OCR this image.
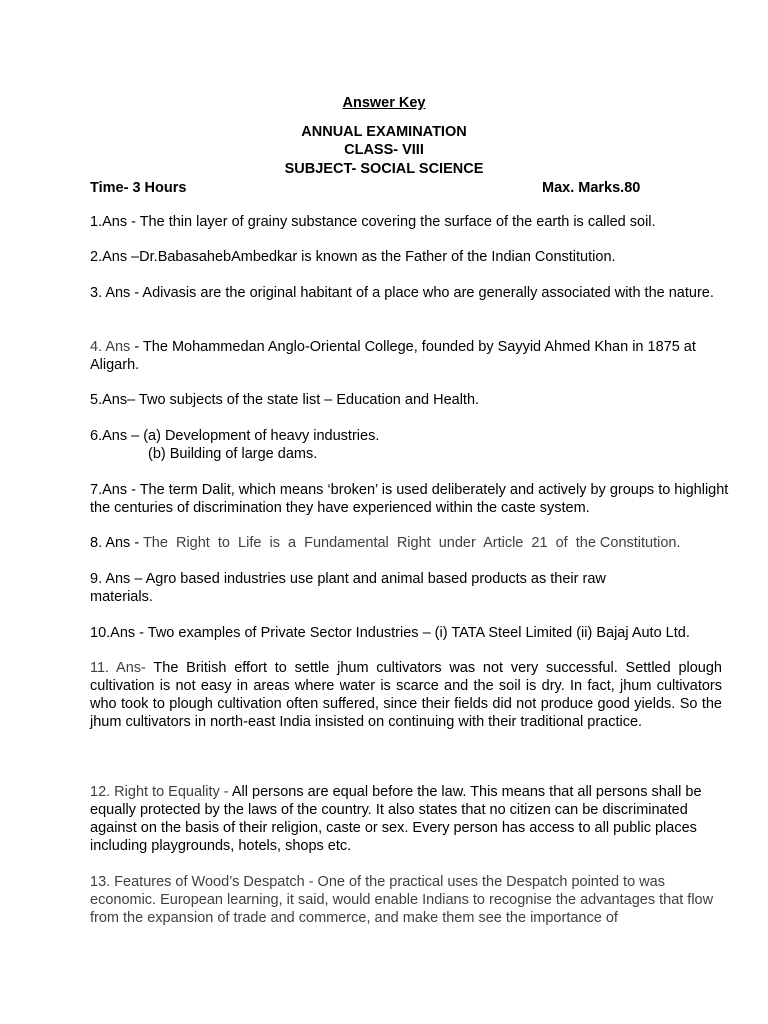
Answer Key
ANNUAL EXAMINATION
CLASS- VIII
SUBJECT- SOCIAL SCIENCE
Time- 3 Hours	Max. Marks.80
1.Ans - The thin layer of grainy substance covering the surface of the earth is called soil.
2.Ans –Dr.BabasahebAmbedkar is known as the Father of the Indian Constitution.
3. Ans - Adivasis are the original habitant of a place who are generally associated with the nature.
4. Ans - The Mohammedan Anglo-Oriental College, founded by Sayyid Ahmed Khan in 1875 at Aligarh.
5.Ans– Two subjects of the state list – Education and Health.
6.Ans – (a) Development of heavy industries.
(b) Building of large dams.
7.Ans - The term Dalit, which means ‘broken’ is used deliberately and actively by groups to highlight the centuries of discrimination they have experienced within the caste system.
8. Ans - The  Right  to  Life  is  a  Fundamental  Right  under  Article  21  of  the Constitution.
9. Ans – Agro based industries use plant and animal based products as their raw materials.
10.Ans - Two examples of Private Sector Industries – (i) TATA Steel Limited (ii) Bajaj Auto Ltd.
11. Ans- The British effort to settle jhum cultivators was not very successful. Settled plough cultivation is not easy in areas where water is scarce and the soil is dry. In fact, jhum cultivators who took to plough cultivation often suffered, since their fields did not produce good yields. So the jhum cultivators in north-east India insisted on continuing with their traditional practice.
12. Right to Equality - All persons are equal before the law. This means that all persons shall be equally protected by the laws of the country. It also states that no citizen can be discriminated against on the basis of their religion, caste or sex. Every person has access to all public places including playgrounds, hotels, shops etc.
13. Features of Wood’s Despatch - One of the practical uses the Despatch pointed to was economic. European learning, it said, would enable Indians to recognise the advantages that flow from the expansion of trade and commerce, and make them see the importance of
